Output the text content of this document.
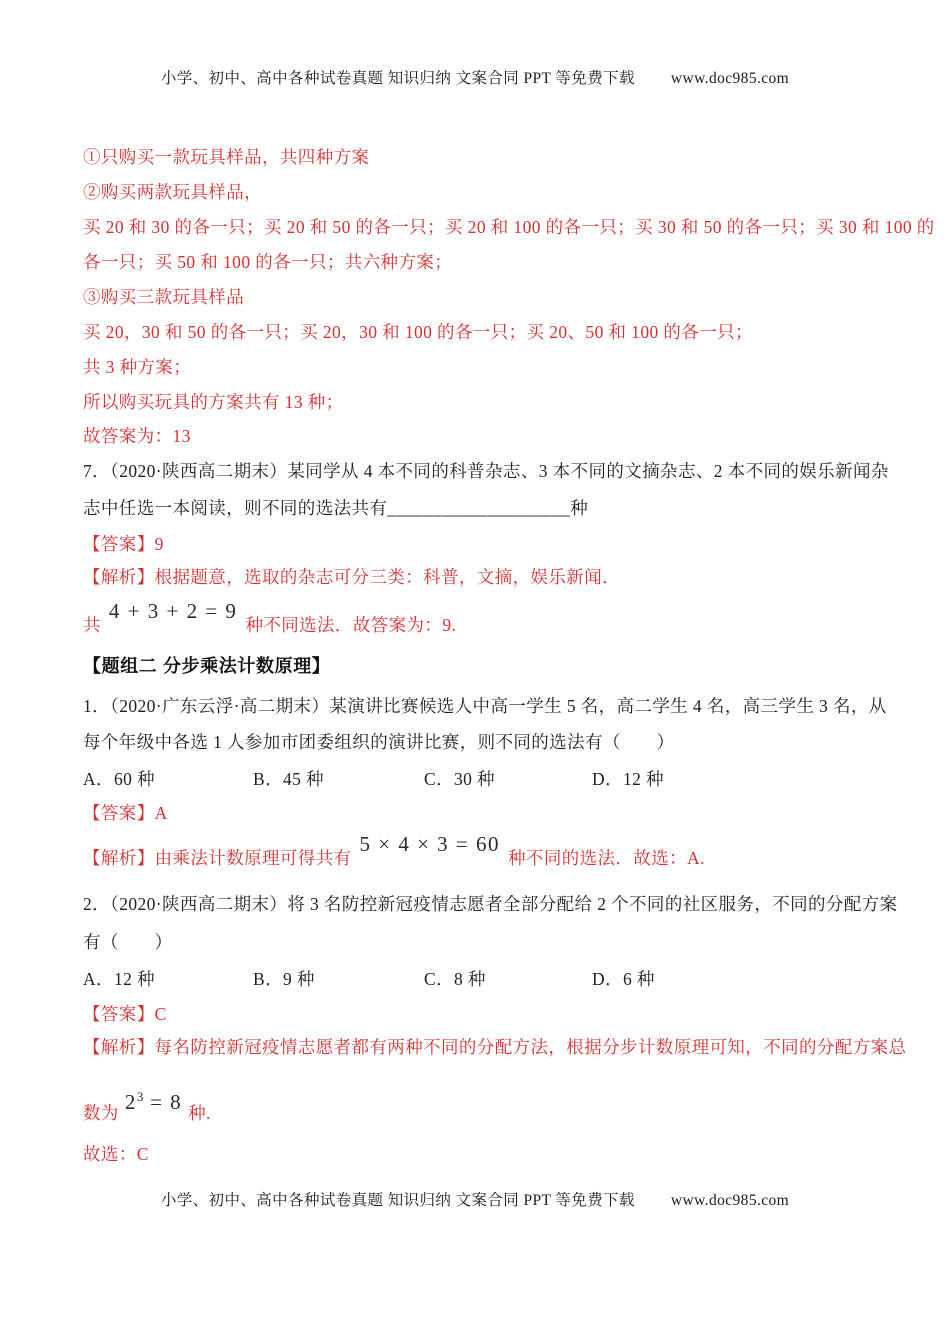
小学、初中、高中各种试卷真题 知识归纳 文案合同 PPT 等免费下载 www.doc985.com
①只购买一款玩具样品，共四种方案
②购买两款玩具样品，
买 20 和 30 的各一只；买 20 和 50 的各一只；买 20 和 100 的各一只；买 30 和 50 的各一只；买 30 和 100 的
各一只；买 50 和 100 的各一只；共六种方案；
③购买三款玩具样品
买 20，30 和 50 的各一只；买 20，30 和 100 的各一只；买 20、50 和 100 的各一只；
共 3 种方案；
所以购买玩具的方案共有 13 种；
故答案为：13
7．（2020·陕西高二期末）某同学从 4 本不同的科普杂志、3 本不同的文摘杂志、2 本不同的娱乐新闻杂
志中任选一本阅读，则不同的选法共有____________________种
【答案】9
【解析】根据题意，选取的杂志可分三类：科普，文摘，娱乐新闻．
共4 + 3 + 2 = 9种不同选法．故答案为：9.
【题组二 分步乘法计数原理】
1．（2020·广东云浮·高二期末）某演讲比赛候选人中高一学生 5 名，高二学生 4 名，高三学生 3 名，从
每个年级中各选 1 人参加市团委组织的演讲比赛，则不同的选法有（　　）
A．60 种	B．45 种	C．30 种	D．12 种
【答案】A
【解析】由乘法计数原理可得共有5 × 4 × 3 = 60种不同的选法．故选：A.
2．（2020·陕西高二期末）将 3 名防控新冠疫情志愿者全部分配给 2 个不同的社区服务，不同的分配方案
有（　　）
A．12 种	B．9 种	C．8 种	D．6 种
【答案】C
【解析】每名防控新冠疫情志愿者都有两种不同的分配方法，根据分步计数原理可知，不同的分配方案总
数为 $2^3 = 8$ 种.
故选：C
小学、初中、高中各种试卷真题 知识归纳 文案合同 PPT 等免费下载 www.doc985.com
